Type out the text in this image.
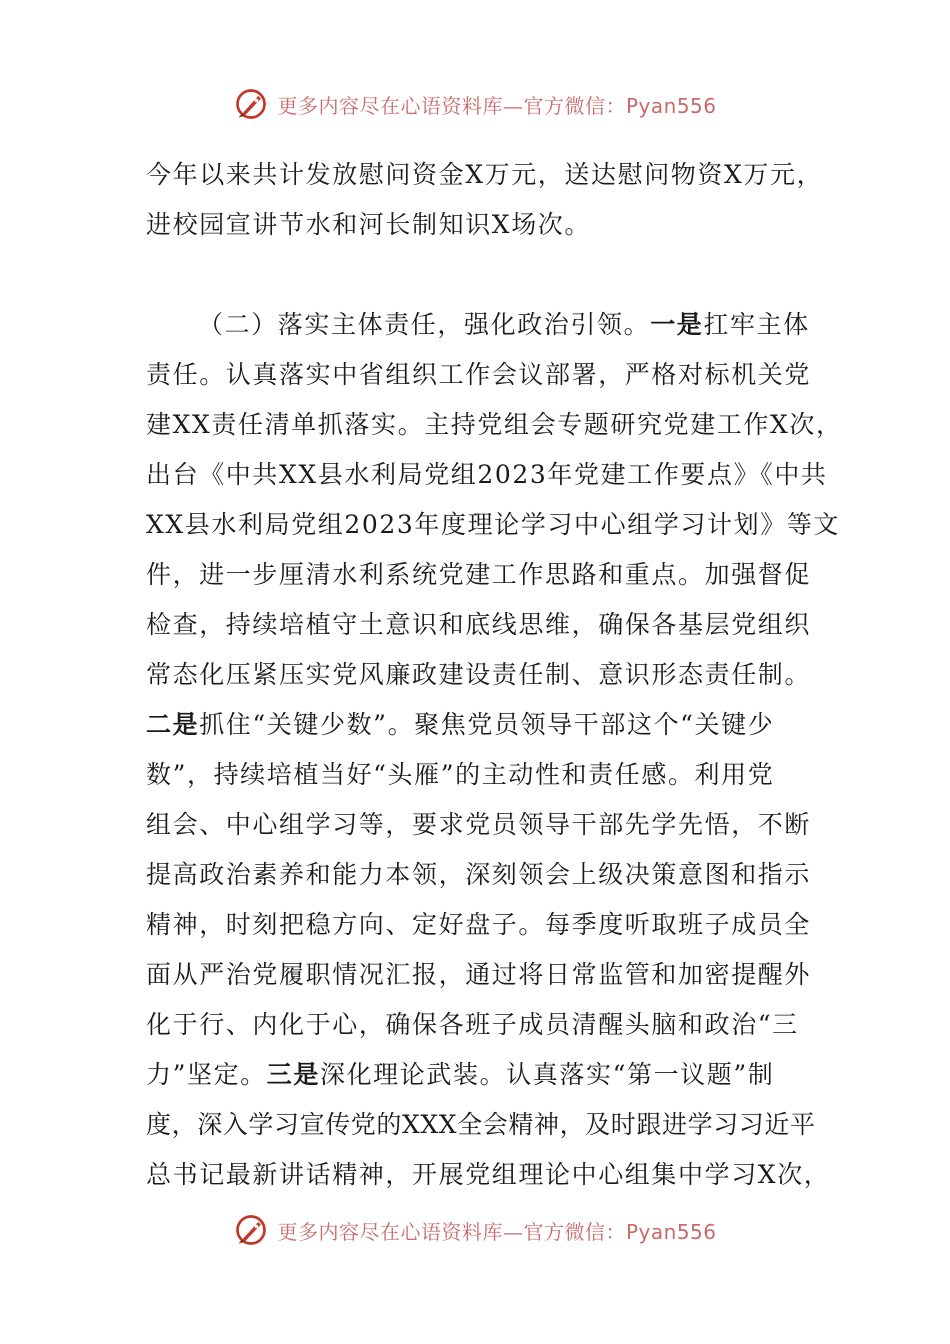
更多内容尽在心语资料库—官方微信：Pyan556
今年以来共计发放慰问资金X万元，送达慰问物资X万元，
进校园宣讲节水和河长制知识X场次。
（二）落实主体责任，强化政治引领。一是扛牢主体
责任。认真落实中省组织工作会议部署，严格对标机关党
建XX责任清单抓落实。主持党组会专题研究党建工作X次，
出台《中共XX县水利局党组2023年党建工作要点》《中共
XX县水利局党组2023年度理论学习中心组学习计划》等文
件，进一步厘清水利系统党建工作思路和重点。加强督促
检查，持续培植守土意识和底线思维，确保各基层党组织
常态化压紧压实党风廉政建设责任制、意识形态责任制。
二是抓住“关键少数”。聚焦党员领导干部这个“关键少
数”，持续培植当好“头雁”的主动性和责任感。利用党
组会、中心组学习等，要求党员领导干部先学先悟，不断
提高政治素养和能力本领，深刻领会上级决策意图和指示
精神，时刻把稳方向、定好盘子。每季度听取班子成员全
面从严治党履职情况汇报，通过将日常监管和加密提醒外
化于行、内化于心，确保各班子成员清醒头脑和政治“三
力”坚定。三是深化理论武装。认真落实“第一议题”制
度，深入学习宣传党的XXX全会精神，及时跟进学习习近平
总书记最新讲话精神，开展党组理论中心组集中学习X次，
更多内容尽在心语资料库—官方微信：Pyan556
